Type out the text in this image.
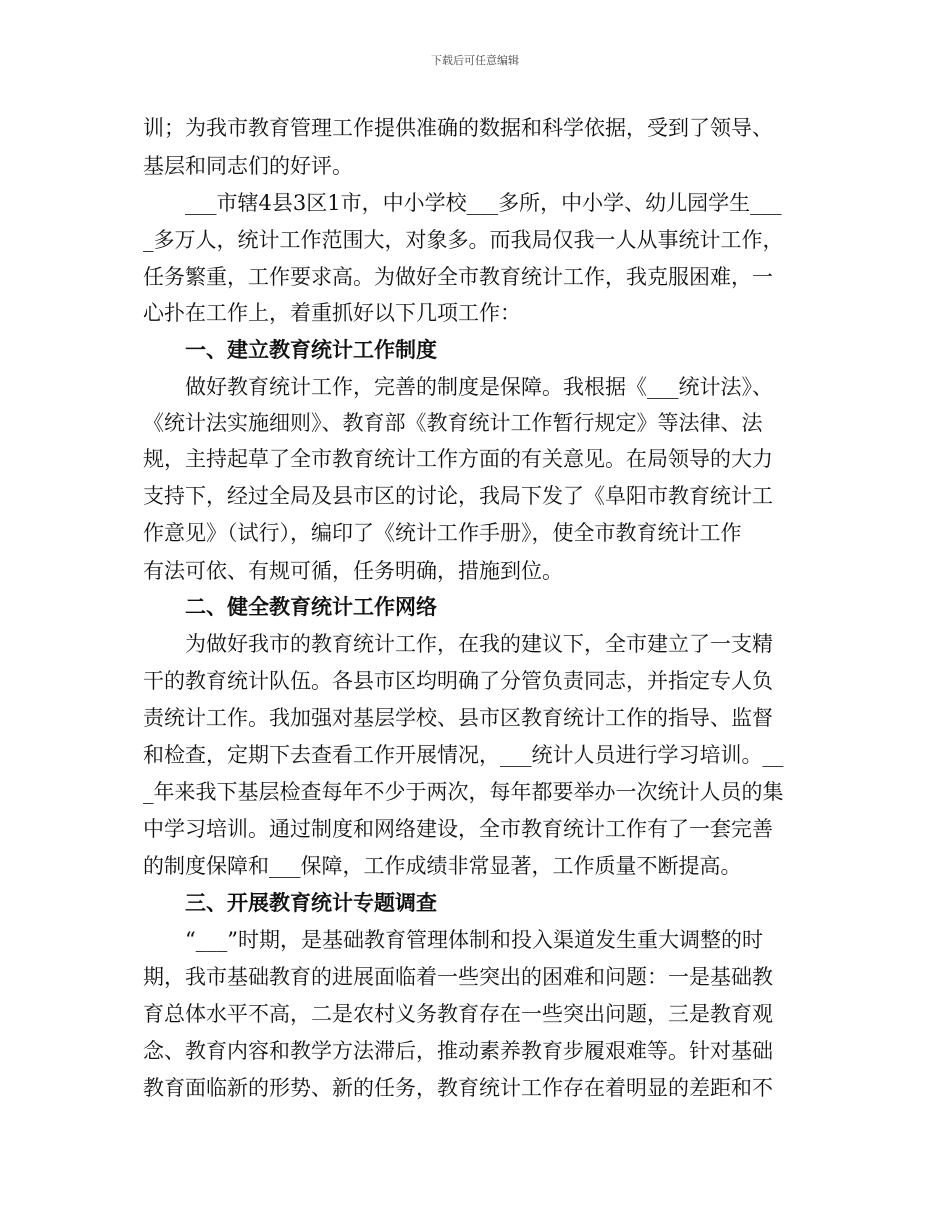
下载后可任意编辑
训；为我市教育管理工作提供准确的数据和科学依据，受到了领导、
基层和同志们的好评。
　　___市辖4县3区1市，中小学校___多所，中小学、幼儿园学生___
_多万人，统计工作范围大，对象多。而我局仅我一人从事统计工作，
任务繁重，工作要求高。为做好全市教育统计工作，我克服困难，一
心扑在工作上，着重抓好以下几项工作：
　　一、建立教育统计工作制度
　　做好教育统计工作，完善的制度是保障。我根据《___统计法》、
《统计法实施细则》、教育部《教育统计工作暂行规定》等法律、法
规，主持起草了全市教育统计工作方面的有关意见。在局领导的大力
支持下，经过全局及县市区的讨论，我局下发了《阜阳市教育统计工
作意见》（试行），编印了《统计工作手册》，使全市教育统计工作
有法可依、有规可循，任务明确，措施到位。
　　二、健全教育统计工作网络
　　为做好我市的教育统计工作，在我的建议下，全市建立了一支精
干的教育统计队伍。各县市区均明确了分管负责同志，并指定专人负
责统计工作。我加强对基层学校、县市区教育统计工作的指导、监督
和检查，定期下去查看工作开展情况，___统计人员进行学习培训。__
_年来我下基层检查每年不少于两次，每年都要举办一次统计人员的集
中学习培训。通过制度和网络建设，全市教育统计工作有了一套完善
的制度保障和___保障，工作成绩非常显著，工作质量不断提高。
　　三、开展教育统计专题调查
　　“___”时期，是基础教育管理体制和投入渠道发生重大调整的时
期，我市基础教育的进展面临着一些突出的困难和问题：一是基础教
育总体水平不高，二是农村义务教育存在一些突出问题，三是教育观
念、教育内容和教学方法滞后，推动素养教育步履艰难等。针对基础
教育面临新的形势、新的任务，教育统计工作存在着明显的差距和不
